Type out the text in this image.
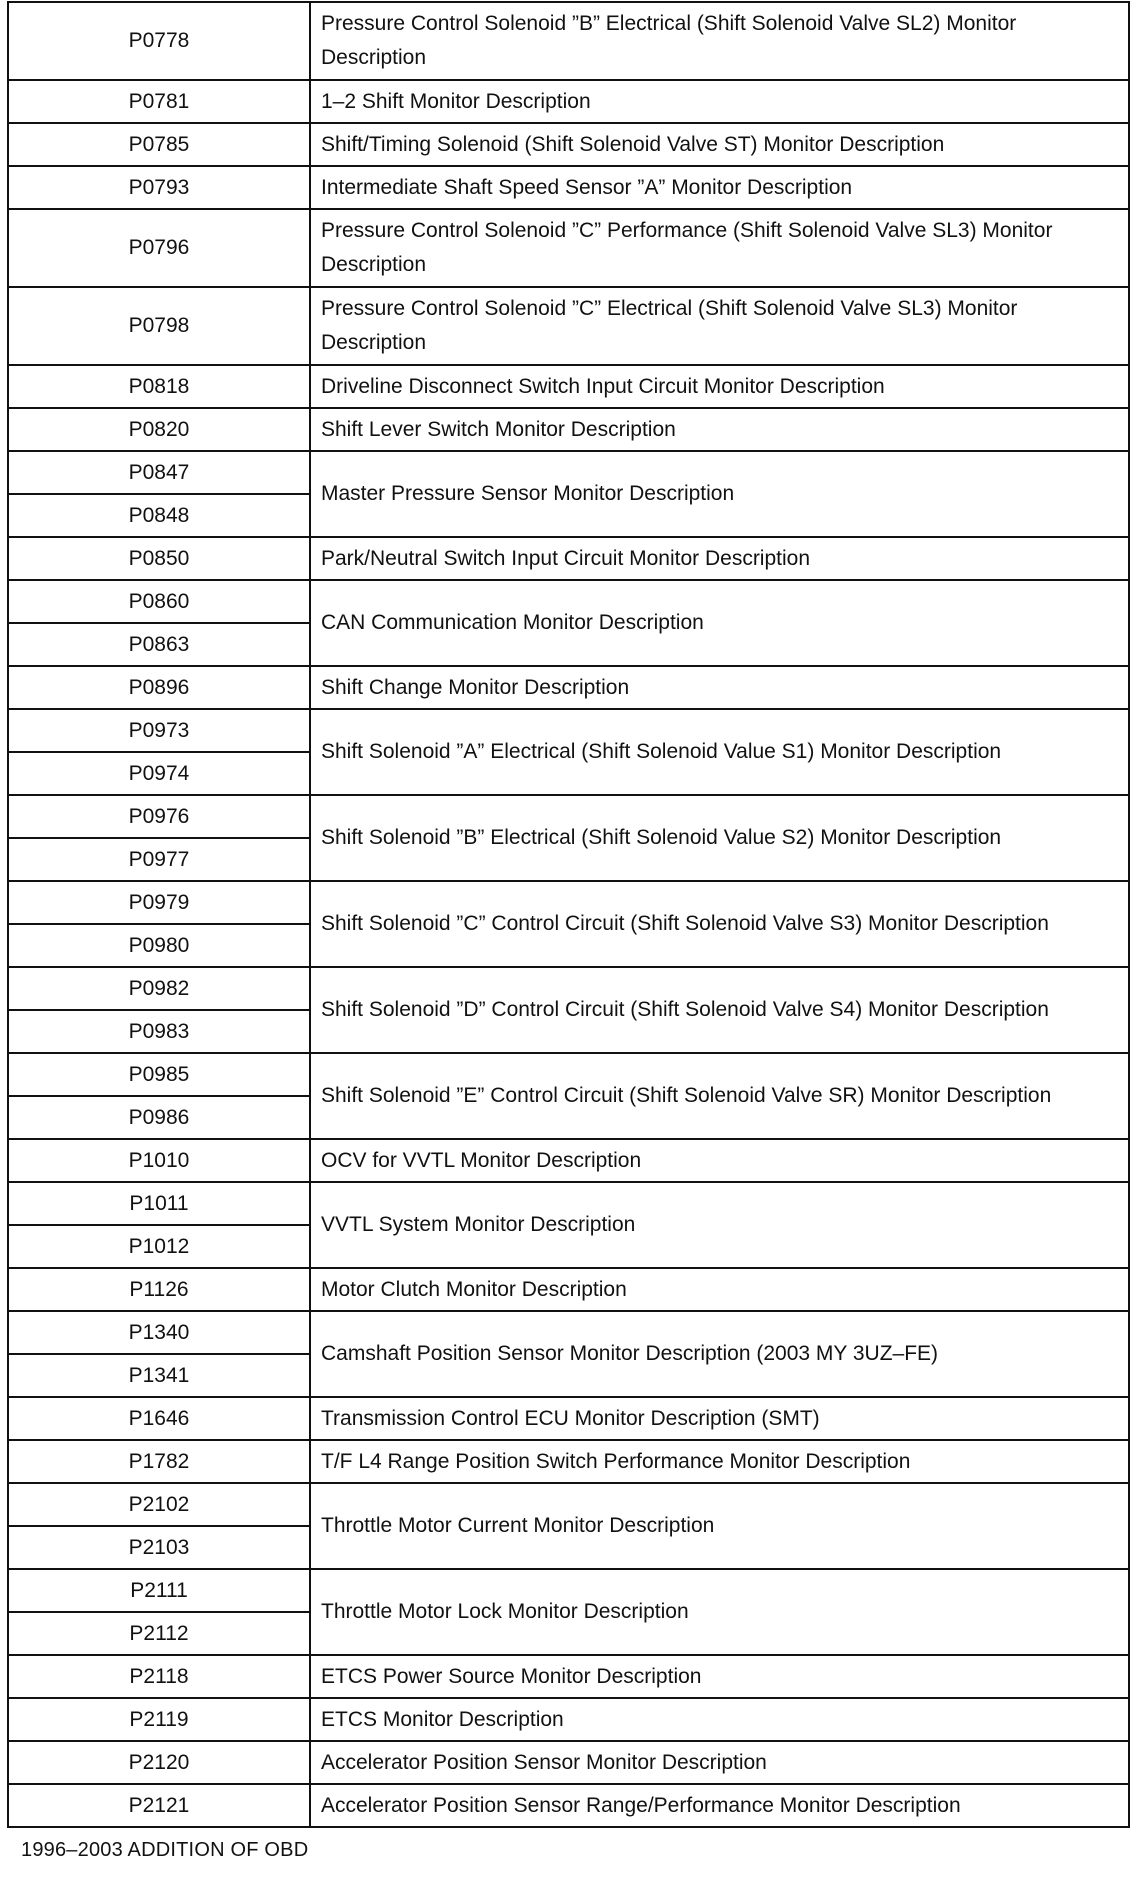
P0778	Pressure Control Solenoid ”B” Electrical (Shift Solenoid Valve SL2) Monitor Description
P0781	1–2 Shift Monitor Description
P0785	Shift/Timing Solenoid (Shift Solenoid Valve ST) Monitor Description
P0793	Intermediate Shaft Speed Sensor ”A” Monitor Description
P0796	Pressure Control Solenoid ”C” Performance (Shift Solenoid Valve SL3) Monitor Description
P0798	Pressure Control Solenoid ”C” Electrical (Shift Solenoid Valve SL3) Monitor Description
P0818	Driveline Disconnect Switch Input Circuit Monitor Description
P0820	Shift Lever Switch Monitor Description
P0847	Master Pressure Sensor Monitor Description
P0848	
P0850	Park/Neutral Switch Input Circuit Monitor Description
P0860	CAN Communication Monitor Description
P0863	
P0896	Shift Change Monitor Description
P0973	Shift Solenoid ”A” Electrical (Shift Solenoid Value S1) Monitor Description
P0974	
P0976	Shift Solenoid ”B” Electrical (Shift Solenoid Value S2) Monitor Description
P0977	
P0979	Shift Solenoid ”C” Control Circuit (Shift Solenoid Valve S3) Monitor Description
P0980	
P0982	Shift Solenoid ”D” Control Circuit (Shift Solenoid Valve S4) Monitor Description
P0983	
P0985	Shift Solenoid ”E” Control Circuit (Shift Solenoid Valve SR) Monitor Description
P0986	
P1010	OCV for VVTL Monitor Description
P1011	VVTL System Monitor Description
P1012	
P1126	Motor Clutch Monitor Description
P1340	Camshaft Position Sensor Monitor Description (2003 MY 3UZ–FE)
P1341	
P1646	Transmission Control ECU Monitor Description (SMT)
P1782	T/F L4 Range Position Switch Performance Monitor Description
P2102	Throttle Motor Current Monitor Description
P2103	
P2111	Throttle Motor Lock Monitor Description
P2112	
P2118	ETCS Power Source Monitor Description
P2119	ETCS Monitor Description
P2120	Accelerator Position Sensor Monitor Description
P2121	Accelerator Position Sensor Range/Performance Monitor Description
1996–2003 ADDITION OF OBD
